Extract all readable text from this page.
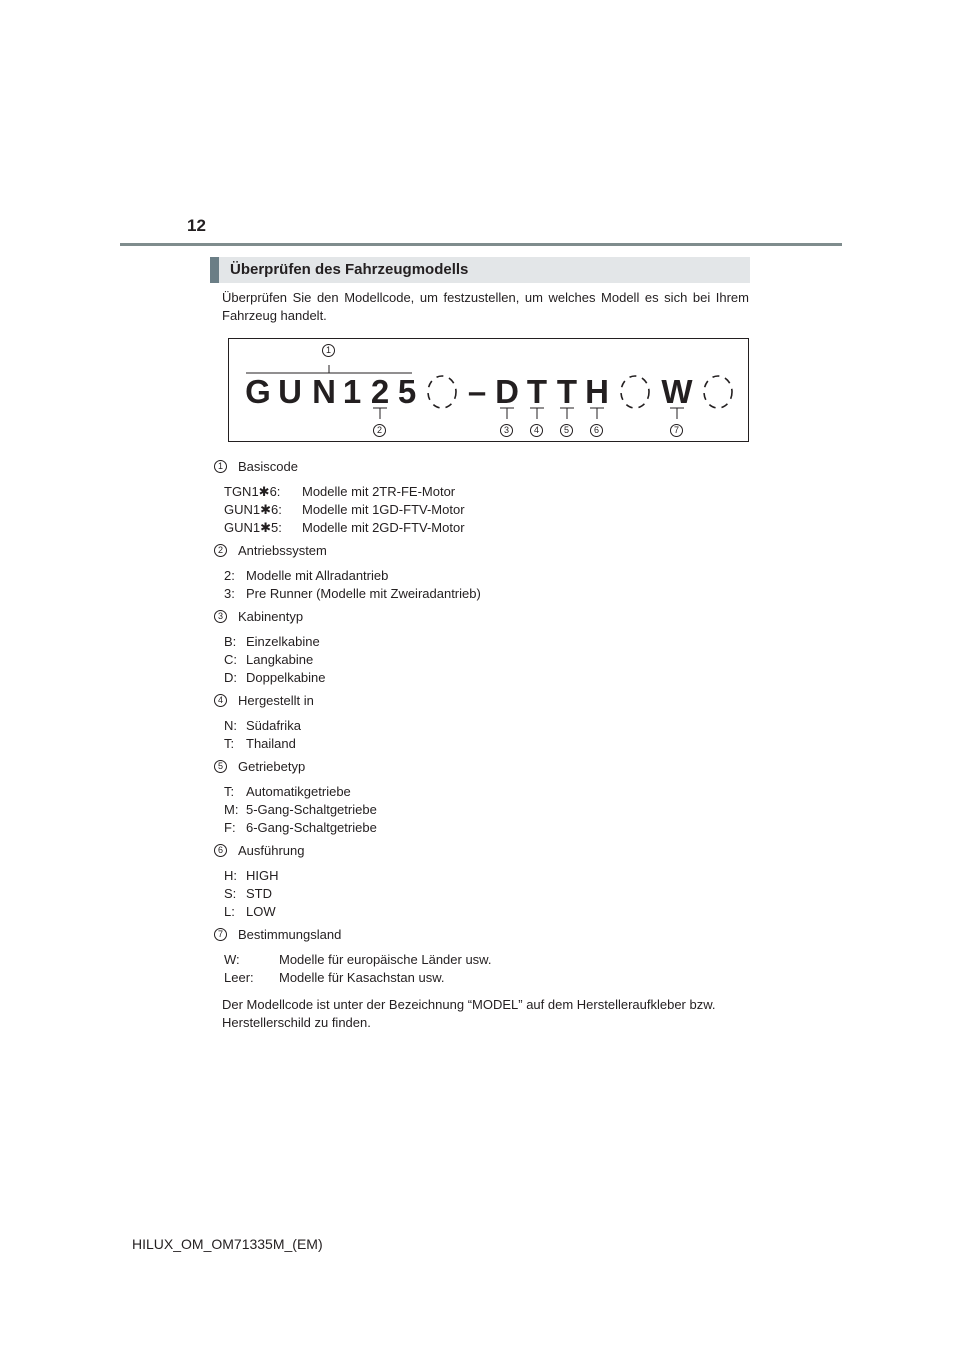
12
Überprüfen des Fahrzeugmodells
Überprüfen Sie den Modellcode, um festzustellen, um welches Modell es sich bei Ihrem Fahrzeug handelt.
G U N 1 2 5 – D T T H W
1
2	3	4	5	6	7
1	Basiscode
TGN1✱6: Modelle mit 2TR-FE-Motor
GUN1✱6: Modelle mit 1GD-FTV-Motor
GUN1✱5: Modelle mit 2GD-FTV-Motor
2	Antriebssystem
2: Modelle mit Allradantrieb
3: Pre Runner (Modelle mit Zweiradantrieb)
3	Kabinentyp
B: Einzelkabine
C: Langkabine
D: Doppelkabine
4	Hergestellt in
N: Südafrika
T: Thailand
5	Getriebetyp
T: Automatikgetriebe
M: 5-Gang-Schaltgetriebe
F: 6-Gang-Schaltgetriebe
6	Ausführung
H: HIGH
S: STD
L: LOW
7	Bestimmungsland
W:	Modelle für europäische Länder usw.
Leer: Modelle für Kasachstan usw.
Der Modellcode ist unter der Bezeichnung “MODEL” auf dem Herstelleraufkleber bzw. Herstellerschild zu finden.
HILUX_OM_OM71335M_(EM)
